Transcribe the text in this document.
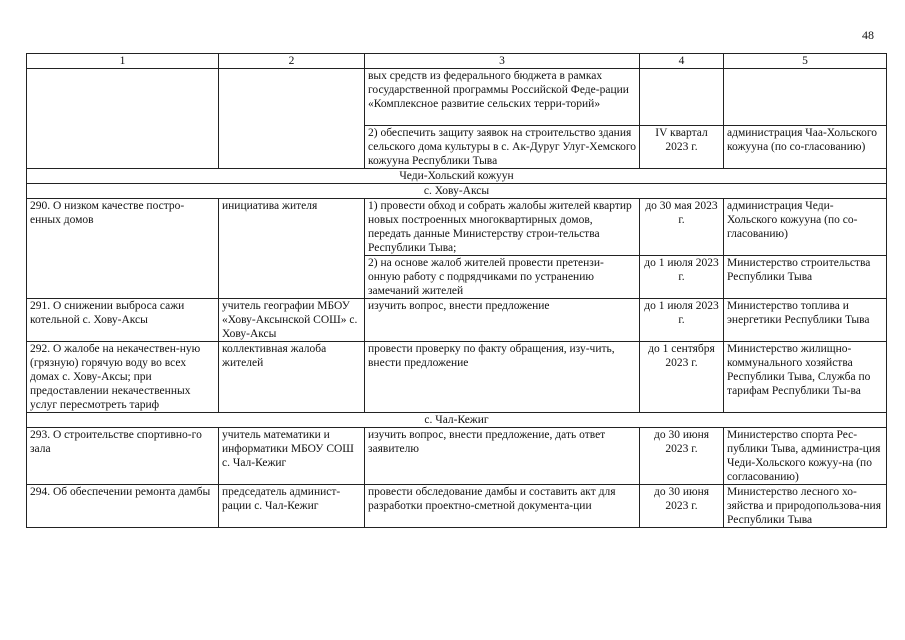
48
1	2	3	4	5
		вых средств из федерального бюджета в рамках государственной программы Российской Феде-рации «Комплексное развитие сельских терри-торий»		
		2) обеспечить защиту заявок на строительство здания сельского дома культуры в с. Ак-Дуруг Улуг-Хемского кожууна Республики Тыва	IV квартал 2023 г.	администрация Чаа-Хольского кожууна (по со-гласованию)
Чеди-Хольский кожуун				
с. Хову-Аксы				
290. О низком качестве постро-енных домов	инициатива жителя	1) провести обход и собрать жалобы жителей квартир новых построенных многоквартирных домов, передать данные Министерству строи-тельства Республики Тыва;	до 30 мая 2023 г.	администрация Чеди-Хольского кожууна (по со-гласованию)
		2) на основе жалоб жителей провести претензи-онную работу с подрядчиками по устранению замечаний жителей	до 1 июля 2023 г.	Министерство строительства Республики Тыва
291. О снижении выброса сажи котельной с. Хову-Аксы	учитель географии МБОУ «Хову-Аксынской СОШ» с. Хову-Аксы	изучить вопрос, внести предложение	до 1 июля 2023 г.	Министерство топлива и энергетики Республики Тыва
292. О жалобе на некачествен-ную (грязную) горячую воду во всех домах с. Хову-Аксы; при предоставлении некачественных услуг пересмотреть тариф	коллективная жалоба жителей	провести проверку по факту обращения, изу-чить, внести предложение	до 1 сентября 2023 г.	Министерство жилищно-коммунального хозяйства Республики Тыва, Служба по тарифам Республики Ты-ва
с. Чал-Кежиг				
293. О строительстве спортивно-го зала	учитель математики и информатики МБОУ СОШ с. Чал-Кежиг	изучить вопрос, внести предложение, дать ответ заявителю	до 30 июня 2023 г.	Министерство спорта Рес-публики Тыва, администра-ция Чеди-Хольского кожуу-на (по согласованию)
294. Об обеспечении ремонта дамбы	председатель админист-рации с. Чал-Кежиг	провести обследование дамбы и составить акт для разработки проектно-сметной документа-ции	до 30 июня 2023 г.	Министерство лесного хо-зяйства и природопользова-ния Республики Тыва
